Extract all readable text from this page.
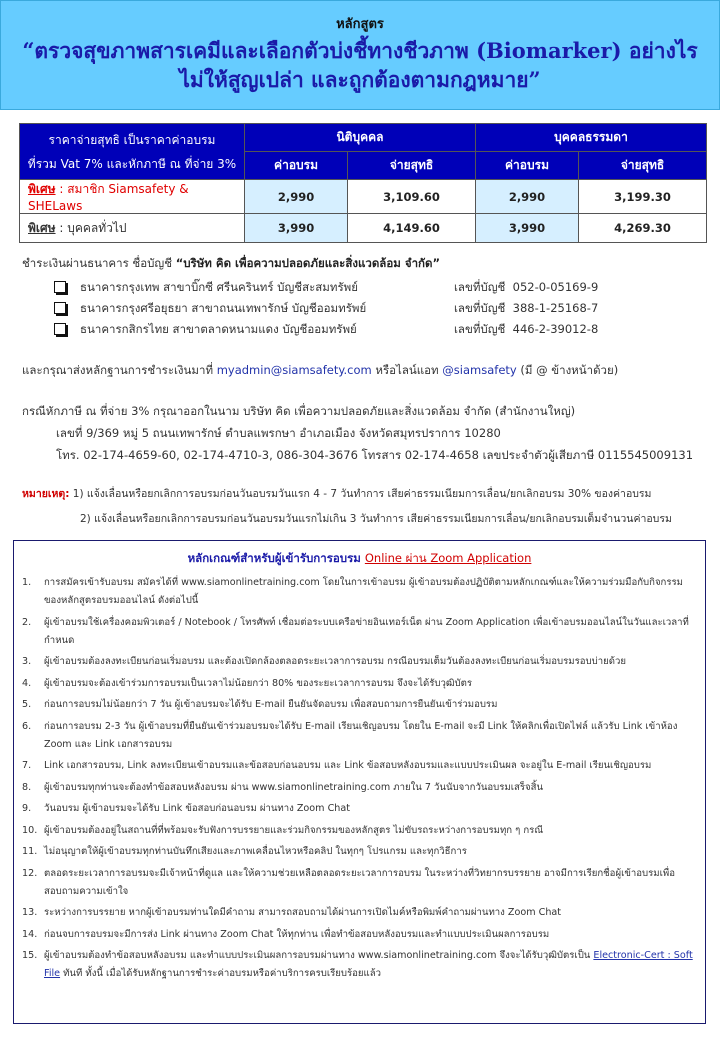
หลักสูตร
“ตรวจสุขภาพสารเคมีและเลือกตัวบ่งชี้ทางชีวภาพ (Biomarker) อย่างไร
ไม่ให้สูญเปล่า และถูกต้องตามกฎหมาย”
ราคาจ่ายสุทธิ เป็นราคาค่าอบรม
ที่รวม Vat 7% และหักภาษี ณ ที่จ่าย 3%	นิติบุคคล		บุคคลธรรมดา	
	ค่าอบรม	จ่ายสุทธิ	ค่าอบรม	จ่ายสุทธิ
พิเศษ : สมาชิก Siamsafety & SHELaws	2,990	3,109.60	2,990	3,199.30
พิเศษ : บุคคลทั่วไป	3,990	4,149.60	3,990	4,269.30
ชำระเงินผ่านธนาคาร ชื่อบัญชี “บริษัท คิด เพื่อความปลอดภัยและสิ่งแวดล้อม จำกัด”
ธนาคารกรุงเทพ สาขาบิ๊กซี ศรีนครินทร์ บัญชีสะสมทรัพย์	เลขที่บัญชี 052-0-05169-9
ธนาคารกรุงศรีอยุธยา สาขาถนนเทพารักษ์ บัญชีออมทรัพย์	เลขที่บัญชี 388-1-25168-7
ธนาคารกสิกรไทย สาขาตลาดหนามแดง บัญชีออมทรัพย์	เลขที่บัญชี 446-2-39012-8
และกรุณาส่งหลักฐานการชำระเงินมาที่ myadmin@siamsafety.com หรือไลน์แอท @siamsafety (มี @ ข้างหน้าด้วย)
กรณีหักภาษี ณ ที่จ่าย 3% กรุณาออกในนาม บริษัท คิด เพื่อความปลอดภัยและสิ่งแวดล้อม จำกัด (สำนักงานใหญ่)
เลขที่ 9/369 หมู่ 5 ถนนเทพารักษ์ ตำบลแพรกษา อำเภอเมือง จังหวัดสมุทรปราการ 10280
โทร. 02-174-4659-60, 02-174-4710-3, 086-304-3676 โทรสาร 02-174-4658 เลขประจำตัวผู้เสียภาษี 0115545009131
หมายเหตุ: 1) แจ้งเลื่อนหรือยกเลิกการอบรมก่อนวันอบรมวันแรก 4 - 7 วันทำการ เสียค่าธรรมเนียมการเลื่อน/ยกเลิกอบรม 30% ของค่าอบรม
2) แจ้งเลื่อนหรือยกเลิกการอบรมก่อนวันอบรมวันแรกไม่เกิน 3 วันทำการ เสียค่าธรรมเนียมการเลื่อน/ยกเลิกอบรมเต็มจำนวนค่าอบรม
หลักเกณฑ์สำหรับผู้เข้ารับการอบรม Online ผ่าน Zoom Application
1. การสมัครเข้ารับอบรม สมัครได้ที่ www.siamonlinetraining.com โดยในการเข้าอบรม ผู้เข้าอบรมต้องปฏิบัติตามหลักเกณฑ์และให้ความร่วมมือกับกิจกรรมของหลักสูตรอบรมออนไลน์ ดังต่อไปนี้
2. ผู้เข้าอบรมใช้เครื่องคอมพิวเตอร์ / Notebook / โทรศัพท์ เชื่อมต่อระบบเครือข่ายอินเทอร์เน็ต ผ่าน Zoom Application เพื่อเข้าอบรมออนไลน์ในวันและเวลาที่กำหนด
3. ผู้เข้าอบรมต้องลงทะเบียนก่อนเริ่มอบรม และต้องเปิดกล้องตลอดระยะเวลาการอบรม กรณีอบรมเต็มวันต้องลงทะเบียนก่อนเริ่มอบรมรอบบ่ายด้วย
4. ผู้เข้าอบรมจะต้องเข้าร่วมการอบรมเป็นเวลาไม่น้อยกว่า 80% ของระยะเวลาการอบรม จึงจะได้รับวุฒิบัตร
5. ก่อนการอบรมไม่น้อยกว่า 7 วัน ผู้เข้าอบรมจะได้รับ E-mail ยืนยันจัดอบรม เพื่อสอบถามการยืนยันเข้าร่วมอบรม
6. ก่อนการอบรม 2-3 วัน ผู้เข้าอบรมที่ยืนยันเข้าร่วมอบรมจะได้รับ E-mail เรียนเชิญอบรม โดยใน E-mail จะมี Link ให้คลิกเพื่อเปิดไฟล์ แล้วรับ Link เข้าห้อง Zoom และ Link เอกสารอบรม
7. Link เอกสารอบรม, Link ลงทะเบียนเข้าอบรมและข้อสอบก่อนอบรม และ Link ข้อสอบหลังอบรมและแบบประเมินผล จะอยู่ใน E-mail เรียนเชิญอบรม
8. ผู้เข้าอบรมทุกท่านจะต้องทำข้อสอบหลังอบรม ผ่าน www.siamonlinetraining.com ภายใน 7 วันนับจากวันอบรมเสร็จสิ้น
9. วันอบรม ผู้เข้าอบรมจะได้รับ Link ข้อสอบก่อนอบรม ผ่านทาง Zoom Chat
10. ผู้เข้าอบรมต้องอยู่ในสถานที่ที่พร้อมจะรับฟังการบรรยายและร่วมกิจกรรมของหลักสูตร ไม่ขับรถระหว่างการอบรมทุก ๆ กรณี
11. ไม่อนุญาตให้ผู้เข้าอบรมทุกท่านบันทึกเสียงและภาพเคลื่อนไหวหรือคลิป ในทุกๆ โปรแกรม และทุกวิธีการ
12. ตลอดระยะเวลาการอบรมจะมีเจ้าหน้าที่ดูแล และให้ความช่วยเหลือตลอดระยะเวลาการอบรม ในระหว่างที่วิทยากรบรรยาย อาจมีการเรียกชื่อผู้เข้าอบรมเพื่อสอบถามความเข้าใจ
13. ระหว่างการบรรยาย หากผู้เข้าอบรมท่านใดมีคำถาม สามารถสอบถามได้ผ่านการเปิดไมค์หรือพิมพ์คำถามผ่านทาง Zoom Chat
14. ก่อนจบการอบรมจะมีการส่ง Link ผ่านทาง Zoom Chat ให้ทุกท่าน เพื่อทำข้อสอบหลังอบรมและทำแบบประเมินผลการอบรม
15. ผู้เข้าอบรมต้องทำข้อสอบหลังอบรม และทำแบบประเมินผลการอบรมผ่านทาง www.siamonlinetraining.com จึงจะได้รับวุฒิบัตรเป็น Electronic-Cert : Soft File ทันที ทั้งนี้ เมื่อได้รับหลักฐานการชำระค่าอบรมหรือค่าบริการครบเรียบร้อยแล้ว
